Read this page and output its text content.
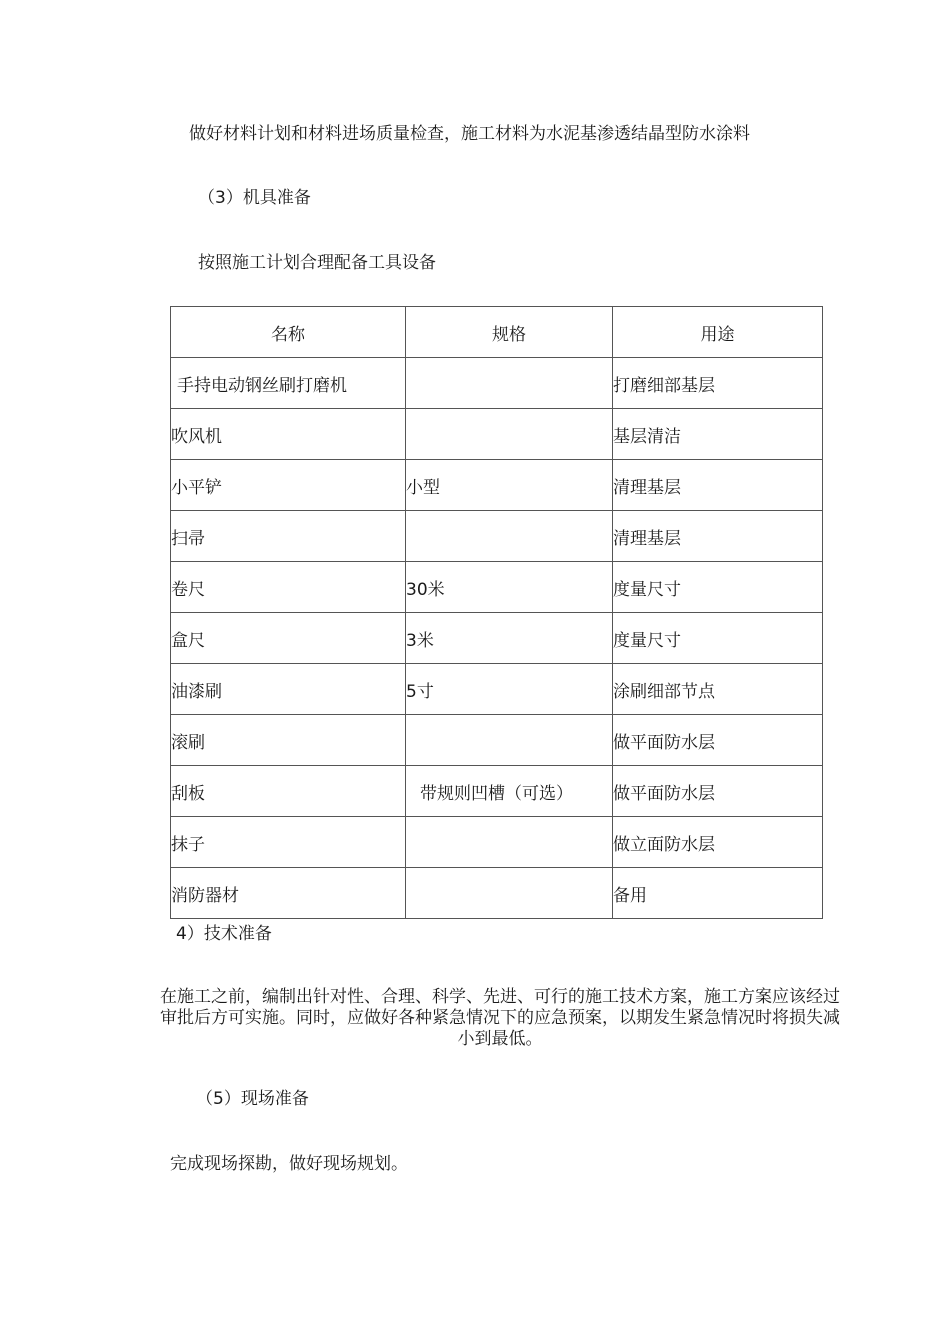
做好材料计划和材料进场质量检查，施工材料为水泥基渗透结晶型防水涂料
（3）机具准备
按照施工计划合理配备工具设备
名称	规格	用途
手持电动钢丝刷打磨机		打磨细部基层
吹风机		基层清洁
小平铲	小型	清理基层
扫帚		清理基层
卷尺	30米	度量尺寸
盒尺	3米	度量尺寸
油漆刷	5寸	涂刷细部节点
滚刷		做平面防水层
刮板	带规则凹槽（可选）	做平面防水层
抹子		做立面防水层
消防器材		备用
4）技术准备
在施工之前，编制出针对性、合理、科学、先进、可行的施工技术方案，施工方案应该经过审批后方可实施。同时，应做好各种紧急情况下的应急预案，以期发生紧急情况时将损失减小到最低。
（5）现场准备
完成现场探勘，做好现场规划。
